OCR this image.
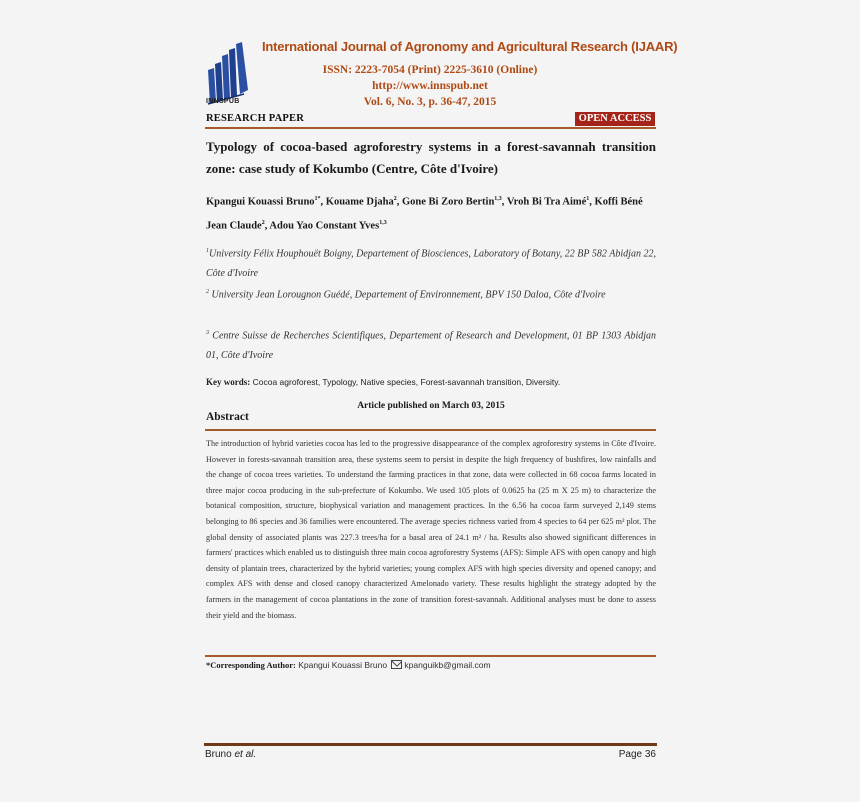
INNSPUB
International Journal of Agronomy and Agricultural Research (IJAAR)
ISSN: 2223-7054 (Print) 2225-3610 (Online)
http://www.innspub.net
Vol. 6, No. 3, p. 36-47, 2015
RESEARCH PAPER	OPEN ACCESS
Typology of cocoa-based agroforestry systems in a forest-savannah transition zone: case study of Kokumbo (Centre, Côte d'Ivoire)
Kpangui Kouassi Bruno$^{1*}$, Kouame Djaha$^2$, Gone Bi Zoro Bertin$^{1,3}$, Vroh Bi Tra Aimé$^1$, Koffi Béné Jean Claude$^2$, Adou Yao Constant Yves$^{1,3}$
$^1$University Félix Houphouët Boigny, Departement of Biosciences, Laboratory of Botany, 22 BP 582 Abidjan 22, Côte d'Ivoire
$^2$ University Jean Lorougnon Guédé, Departement of Environnement, BPV 150 Daloa, Côte d'Ivoire
$^3$ Centre Suisse de Recherches Scientifiques, Departement of Research and Development, 01 BP 1303 Abidjan 01, Côte d'Ivoire
Key words: Cocoa agroforest, Typology, Native species, Forest-savannah transition, Diversity.
Article published on March 03, 2015
Abstract
The introduction of hybrid varieties cocoa has led to the progressive disappearance of the complex agroforestry systems in Côte d'Ivoire. However in forests-savannah transition area, these systems seem to persist in despite the high frequency of bushfires, low rainfalls and the change of cocoa trees varieties. To understand the farming practices in that zone, data were collected in 68 cocoa farms located in three major cocoa producing in the sub-prefecture of Kokumbo. We used 105 plots of 0.0625 ha (25 m X 25 m) to characterize the botanical composition, structure, biophysical variation and management practices. In the 6.56 ha cocoa farm surveyed 2,149 stems belonging to 86 species and 36 families were encountered. The average species richness varied from 4 species to 64 per 625 m² plot. The global density of associated plants was 227.3 trees/ha for a basal area of 24.1 m² / ha. Results also showed significant differences in farmers' practices which enabled us to distinguish three main cocoa agroforestry Systems (AFS): Simple AFS with open canopy and high density of plantain trees, characterized by the hybrid varieties; young complex AFS with high species diversity and opened canopy; and complex AFS with dense and closed canopy characterized Amelonado variety. These results highlight the strategy adopted by the farmers in the management of cocoa plantations in the zone of transition forest-savannah. Additional analyses must be done to assess their yield and the biomass.
*Corresponding Author: Kpangui Kouassi Bruno kpanguikb@gmail.com
Bruno et al.	Page 36
